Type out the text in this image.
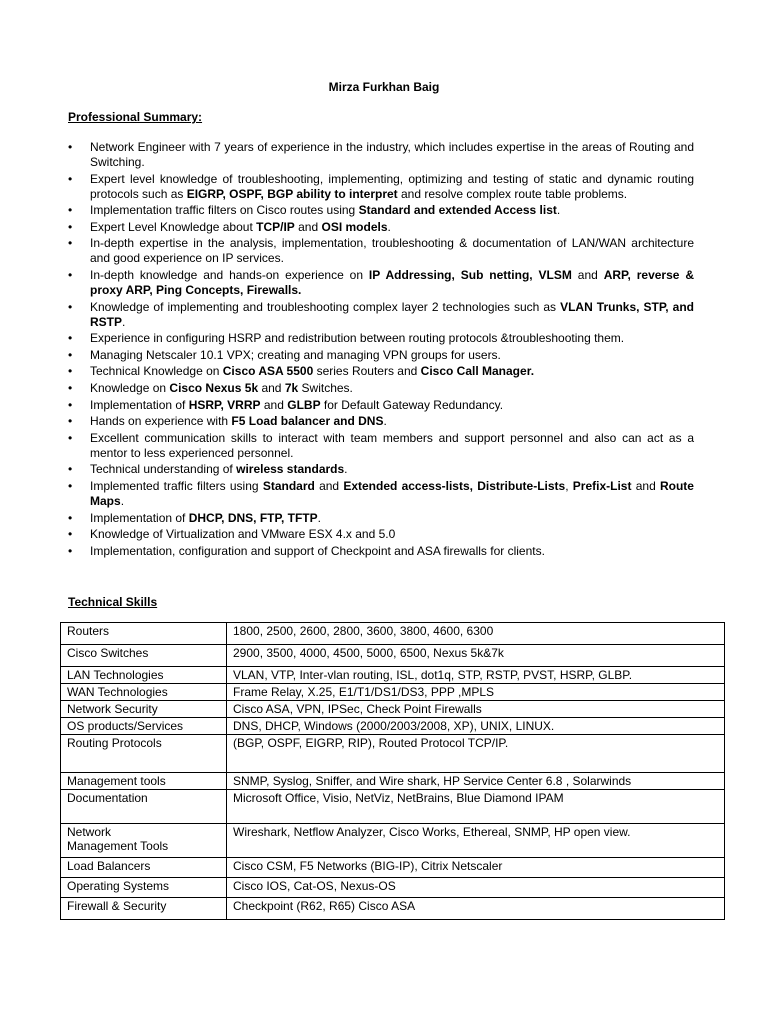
Mirza Furkhan Baig
Professional Summary:
• Network Engineer with 7 years of experience in the industry, which includes expertise in the areas of Routing and Switching.
• Expert level knowledge of troubleshooting, implementing, optimizing and testing of static and dynamic routing protocols such as EIGRP, OSPF, BGP ability to interpret and resolve complex route table problems.
• Implementation traffic filters on Cisco routes using Standard and extended Access list.
• Expert Level Knowledge about TCP/IP and OSI models.
• In-depth expertise in the analysis, implementation, troubleshooting & documentation of LAN/WAN architecture and good experience on IP services.
• In-depth knowledge and hands-on experience on IP Addressing, Sub netting, VLSM and ARP, reverse & proxy ARP, Ping Concepts, Firewalls.
• Knowledge of implementing and troubleshooting complex layer 2 technologies such as VLAN Trunks, STP, and RSTP.
• Experience in configuring HSRP and redistribution between routing protocols &troubleshooting them.
• Managing Netscaler 10.1 VPX; creating and managing VPN groups for users.
• Technical Knowledge on Cisco ASA 5500 series Routers and Cisco Call Manager.
• Knowledge on Cisco Nexus 5k and 7k Switches.
• Implementation of HSRP, VRRP and GLBP for Default Gateway Redundancy.
• Hands on experience with F5 Load balancer and DNS.
• Excellent communication skills to interact with team members and support personnel and also can act as a mentor to less experienced personnel.
• Technical understanding of wireless standards.
• Implemented traffic filters using Standard and Extended access-lists, Distribute-Lists, Prefix-List and Route Maps.
• Implementation of DHCP, DNS, FTP, TFTP.
• Knowledge of Virtualization and VMware ESX 4.x and 5.0
• Implementation, configuration and support of Checkpoint and ASA firewalls for clients.
Technical Skills
Routers	1800, 2500, 2600, 2800, 3600, 3800, 4600, 6300
Cisco Switches	2900, 3500, 4000, 4500, 5000, 6500, Nexus 5k&7k
LAN Technologies	VLAN, VTP, Inter-vlan routing, ISL, dot1q, STP, RSTP, PVST, HSRP, GLBP.
WAN Technologies	Frame Relay, X.25, E1/T1/DS1/DS3, PPP ,MPLS
Network Security	Cisco ASA, VPN, IPSec, Check Point Firewalls
OS products/Services	DNS, DHCP, Windows (2000/2003/2008, XP), UNIX, LINUX.
Routing Protocols	(BGP, OSPF, EIGRP, RIP), Routed Protocol TCP/IP.
Management tools	SNMP, Syslog, Sniffer, and Wire shark, HP Service Center 6.8 , Solarwinds
Documentation	Microsoft Office, Visio, NetViz, NetBrains, Blue Diamond IPAM
Network
Management Tools	Wireshark, Netflow Analyzer, Cisco Works, Ethereal, SNMP, HP open view.
Load Balancers	Cisco CSM, F5 Networks (BIG-IP), Citrix Netscaler
Operating Systems	Cisco IOS, Cat-OS, Nexus-OS
Firewall & Security	Checkpoint (R62, R65) Cisco ASA
